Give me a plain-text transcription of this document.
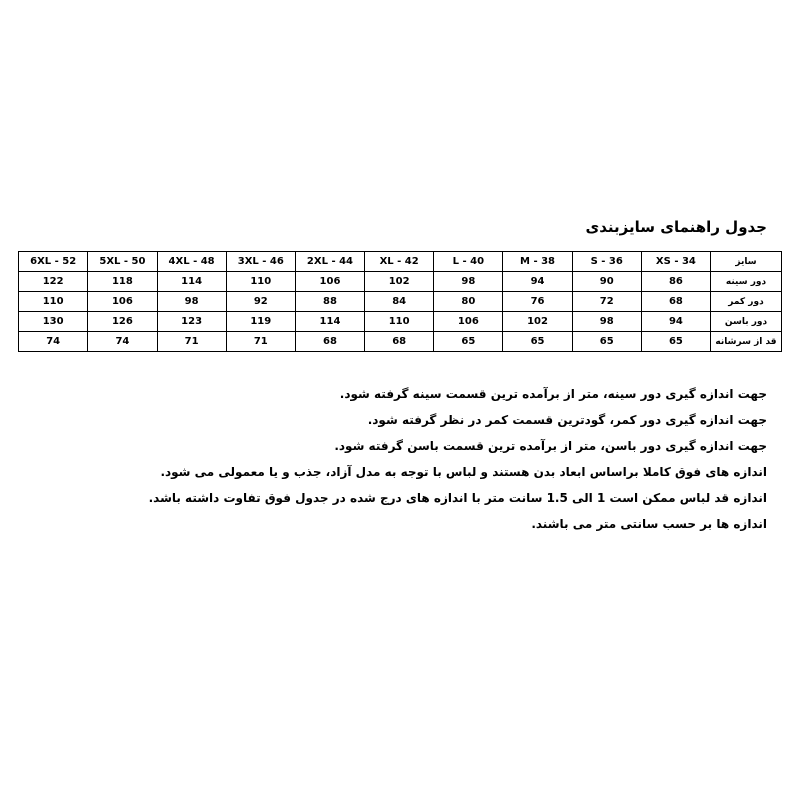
جدول راهنمای سایزبندی
سایز	XS - 34	S - 36	M - 38	L - 40	XL - 42	2XL - 44	3XL - 46	4XL - 48	5XL - 50	6XL - 52
دور سینه	86	90	94	98	102	106	110	114	118	122
دور کمر	68	72	76	80	84	88	92	98	106	110
دور باسن	94	98	102	106	110	114	119	123	126	130
قد از سرشانه	65	65	65	65	68	68	71	71	74	74
جهت اندازه گیری دور سینه، متر از برآمده ترین قسمت سینه گرفته شود.
جهت اندازه گیری دور کمر، گودترین قسمت کمر در نظر گرفته شود.
جهت اندازه گیری دور باسن، متر از برآمده ترین قسمت باسن گرفته شود.
اندازه های فوق کاملا براساس ابعاد بدن هستند و لباس با توجه به مدل آزاد، جذب و یا معمولی می شود.
اندازه قد لباس ممکن است 1 الی 1.5 سانت متر با اندازه های درج شده در جدول فوق تفاوت داشته باشد.
اندازه ها بر حسب سانتی متر می باشند.
